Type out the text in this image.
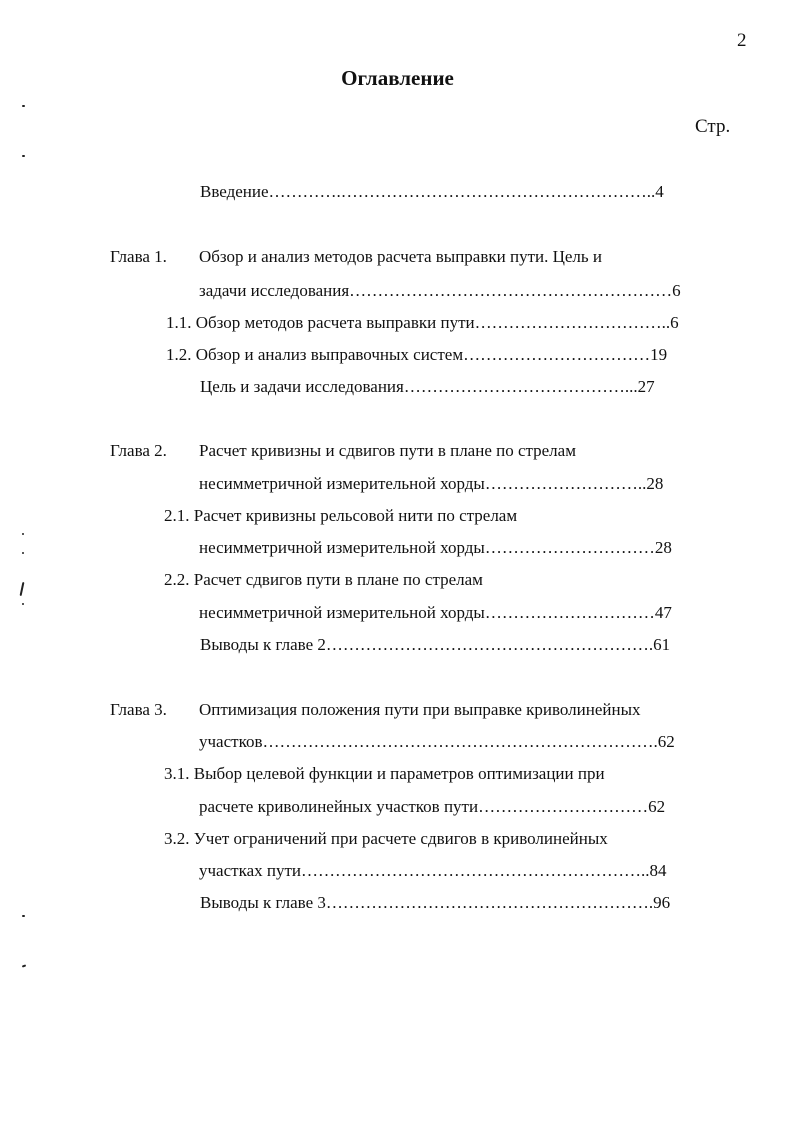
2
Оглавление
Стр.
Введение………….………………………………………………..4
Глава 1. Обзор и анализ методов расчета выправки пути. Цель и
задачи исследования…………………………………………………6
1.1. Обзор методов расчета выправки пути……………………………..6
1.2. Обзор и анализ выправочных систем……………………………19
Цель и задачи исследования…………………………………...27
Глава 2. Расчет кривизны и сдвигов пути в плане по стрелам
несимметричной измерительной хорды………………………..28
2.1. Расчет кривизны рельсовой нити по стрелам
несимметричной измерительной хорды…………………………28
2.2. Расчет сдвигов пути в плане по стрелам
несимметричной измерительной хорды…………………………47
Выводы к главе 2………………………………………………….61
Глава 3. Оптимизация положения пути при выправке криволинейных
участков…………………………………………………………….62
3.1. Выбор целевой функции и параметров оптимизации при
расчете криволинейных участков пути…………………………62
3.2. Учет ограничений при расчете сдвигов в криволинейных
участках пути……………………………………………………..84
Выводы к главе 3………………………………………………….96
